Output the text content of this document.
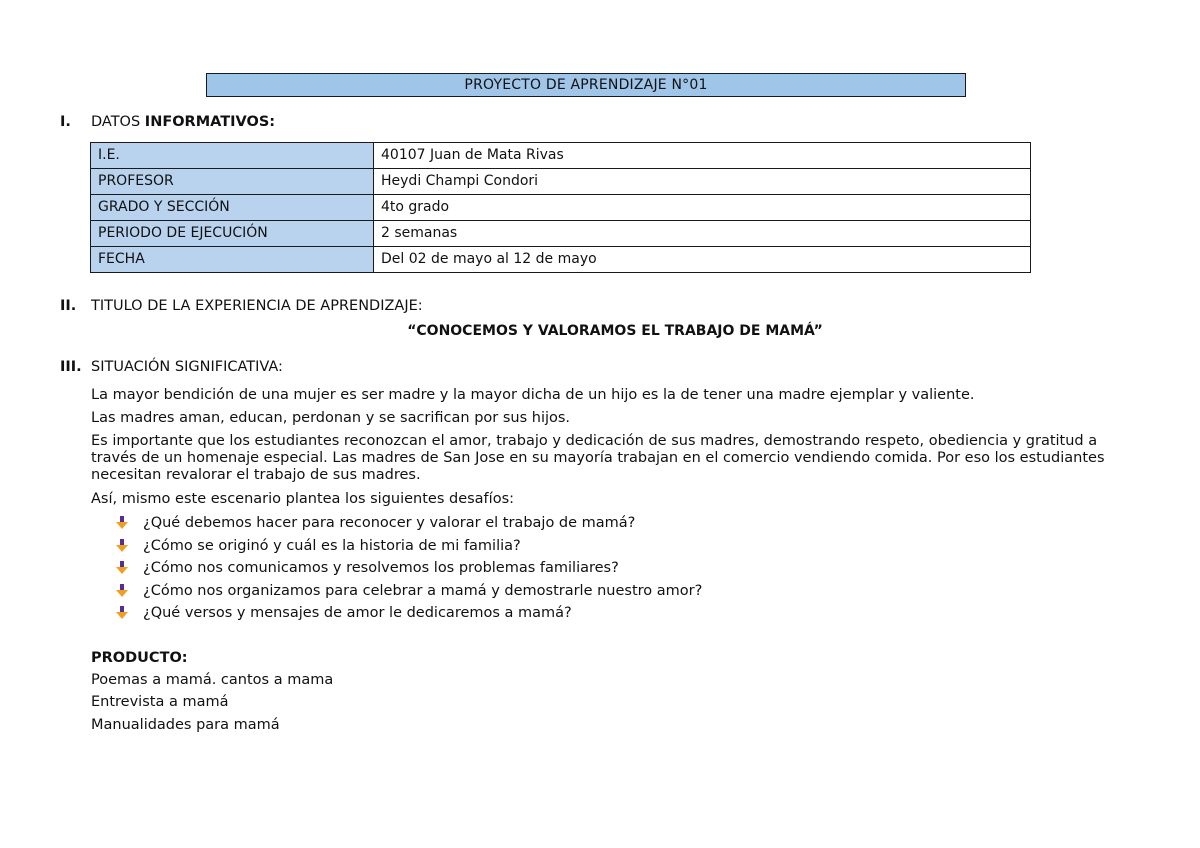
PROYECTO DE APRENDIZAJE N°01
I. DATOS INFORMATIVOS:
I.E.	40107 Juan de Mata Rivas
PROFESOR	Heydi Champi Condori
GRADO Y SECCIÓN	4to grado
PERIODO DE EJECUCIÓN	2 semanas
FECHA	Del 02 de mayo al 12 de mayo
II. TITULO DE LA EXPERIENCIA DE APRENDIZAJE:
“CONOCEMOS Y VALORAMOS EL TRABAJO DE MAMÁ”
III. SITUACIÓN SIGNIFICATIVA:
La mayor bendición de una mujer es ser madre y la mayor dicha de un hijo es la de tener una madre ejemplar y valiente.
Las madres aman, educan, perdonan y se sacrifican por sus hijos.
Es importante que los estudiantes reconozcan el amor, trabajo y dedicación de sus madres, demostrando respeto, obediencia y gratitud a través de un homenaje especial. Las madres de San Jose en su mayoría trabajan en el comercio vendiendo comida. Por eso los estudiantes necesitan revalorar el trabajo de sus madres.
Así, mismo este escenario plantea los siguientes desafíos:
¿Qué debemos hacer para reconocer y valorar el trabajo de mamá?
¿Cómo se originó y cuál es la historia de mi familia?
¿Cómo nos comunicamos y resolvemos los problemas familiares?
¿Cómo nos organizamos para celebrar a mamá y demostrarle nuestro amor?
¿Qué versos y mensajes de amor le dedicaremos a mamá?
PRODUCTO:
Poemas a mamá. cantos a mama
Entrevista a mamá
Manualidades para mamá
